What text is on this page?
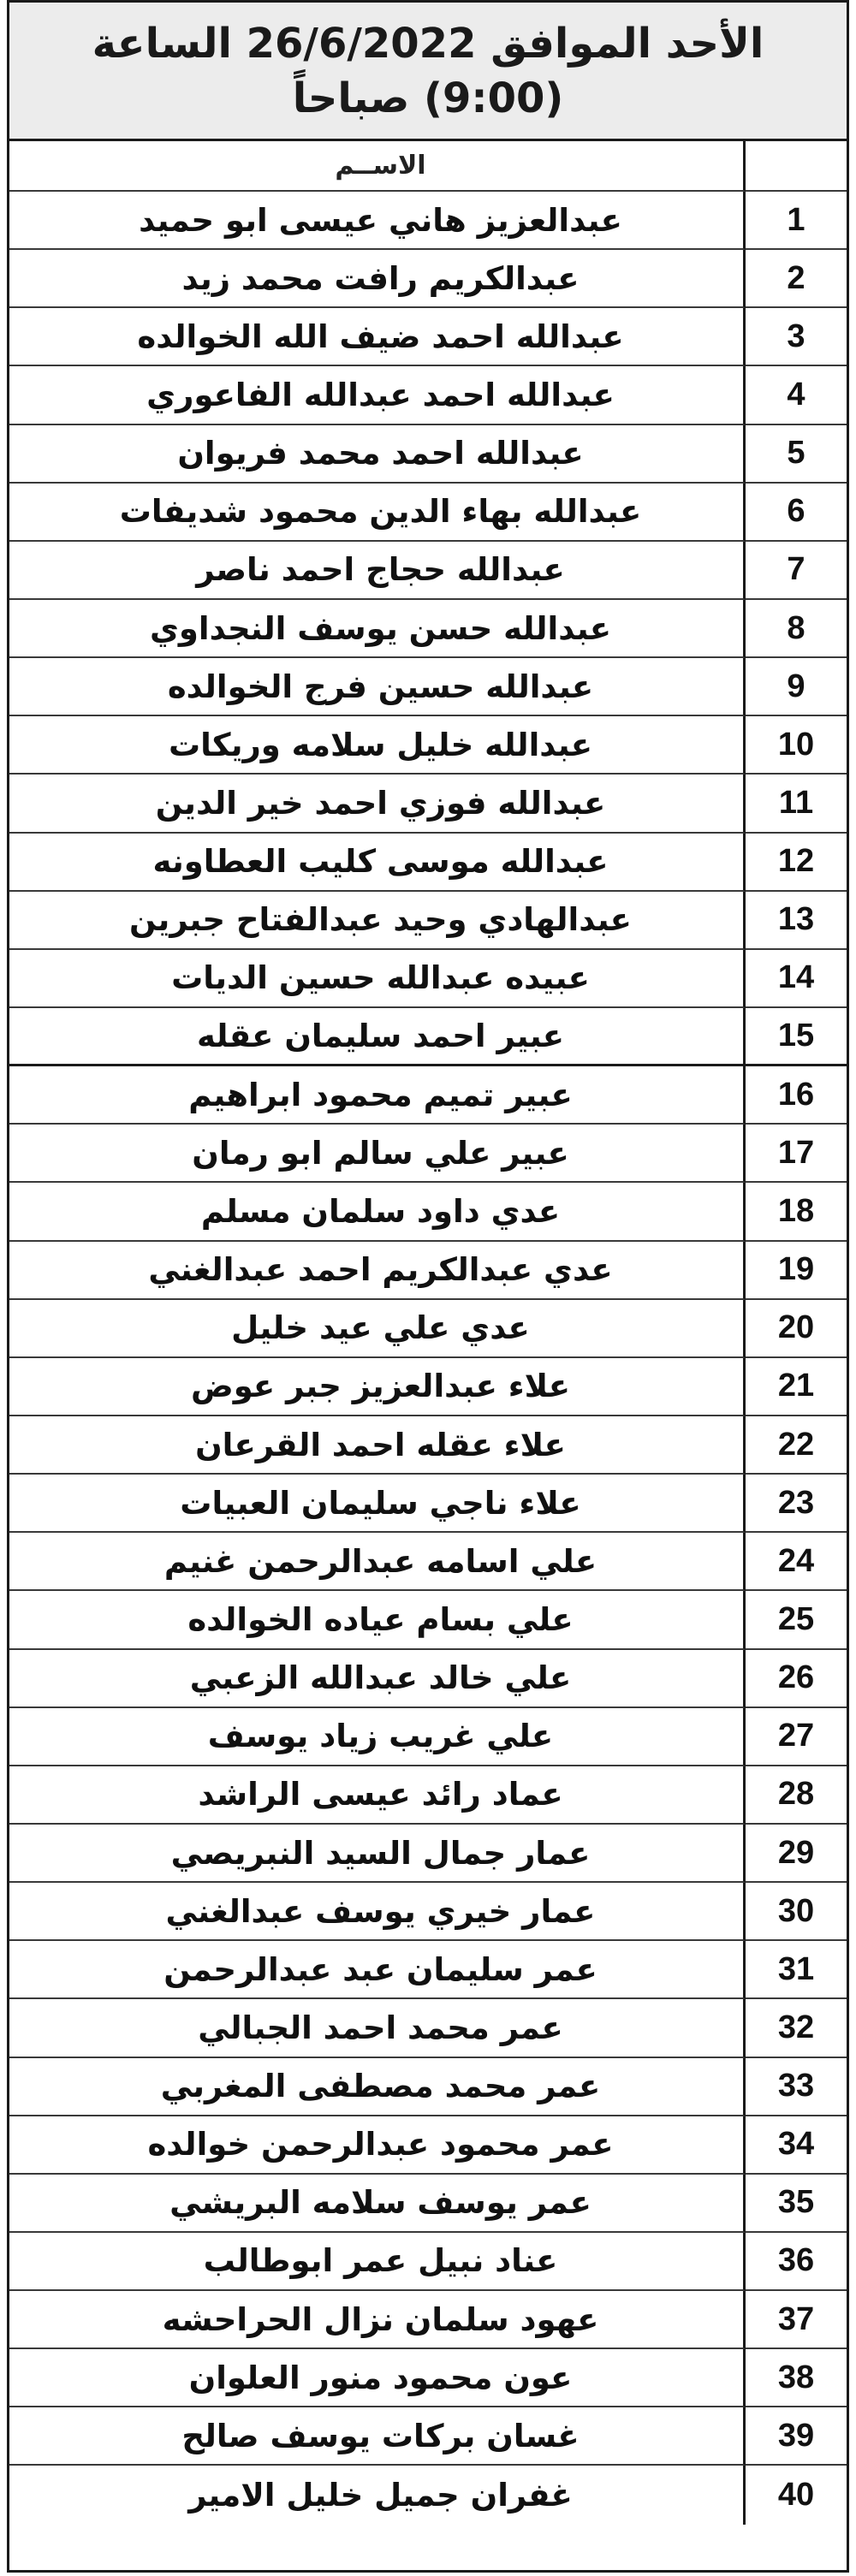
الأحد الموافق 26/6/2022 الساعة
(9:00) صباحاً
الاســم
عبدالعزيز هاني عيسى ابو حميد	1
عبدالكريم رافت محمد زيد	2
عبدالله احمد ضيف الله الخوالده	3
عبدالله احمد عبدالله الفاعوري	4
عبدالله احمد محمد فريوان	5
عبدالله بهاء الدين محمود شديفات	6
عبدالله حجاج احمد ناصر	7
عبدالله حسن يوسف النجداوي	8
عبدالله حسين فرج الخوالده	9
عبدالله خليل سلامه وريكات	10
عبدالله فوزي احمد خير الدين	11
عبدالله موسى كليب العطاونه	12
عبدالهادي وحيد عبدالفتاح جبرين	13
عبيده عبدالله حسين الديات	14
عبير احمد سليمان عقله	15
عبير تميم محمود ابراهيم	16
عبير علي سالم ابو رمان	17
عدي داود سلمان مسلم	18
عدي عبدالكريم احمد عبدالغني	19
عدي علي عيد خليل	20
علاء عبدالعزيز جبر عوض	21
علاء عقله احمد القرعان	22
علاء ناجي سليمان العبيات	23
علي اسامه عبدالرحمن غنيم	24
علي بسام عياده الخوالده	25
علي خالد عبدالله الزعبي	26
علي غريب زياد يوسف	27
عماد رائد عيسى الراشد	28
عمار جمال السيد النبريصي	29
عمار خيري يوسف عبدالغني	30
عمر سليمان عبد عبدالرحمن	31
عمر محمد احمد الجبالي	32
عمر محمد مصطفى المغربي	33
عمر محمود عبدالرحمن خوالده	34
عمر يوسف سلامه البريشي	35
عناد نبيل عمر ابوطالب	36
عهود سلمان نزال الحراحشه	37
عون محمود منور العلوان	38
غسان بركات يوسف صالح	39
غفران جميل خليل الامير	40
